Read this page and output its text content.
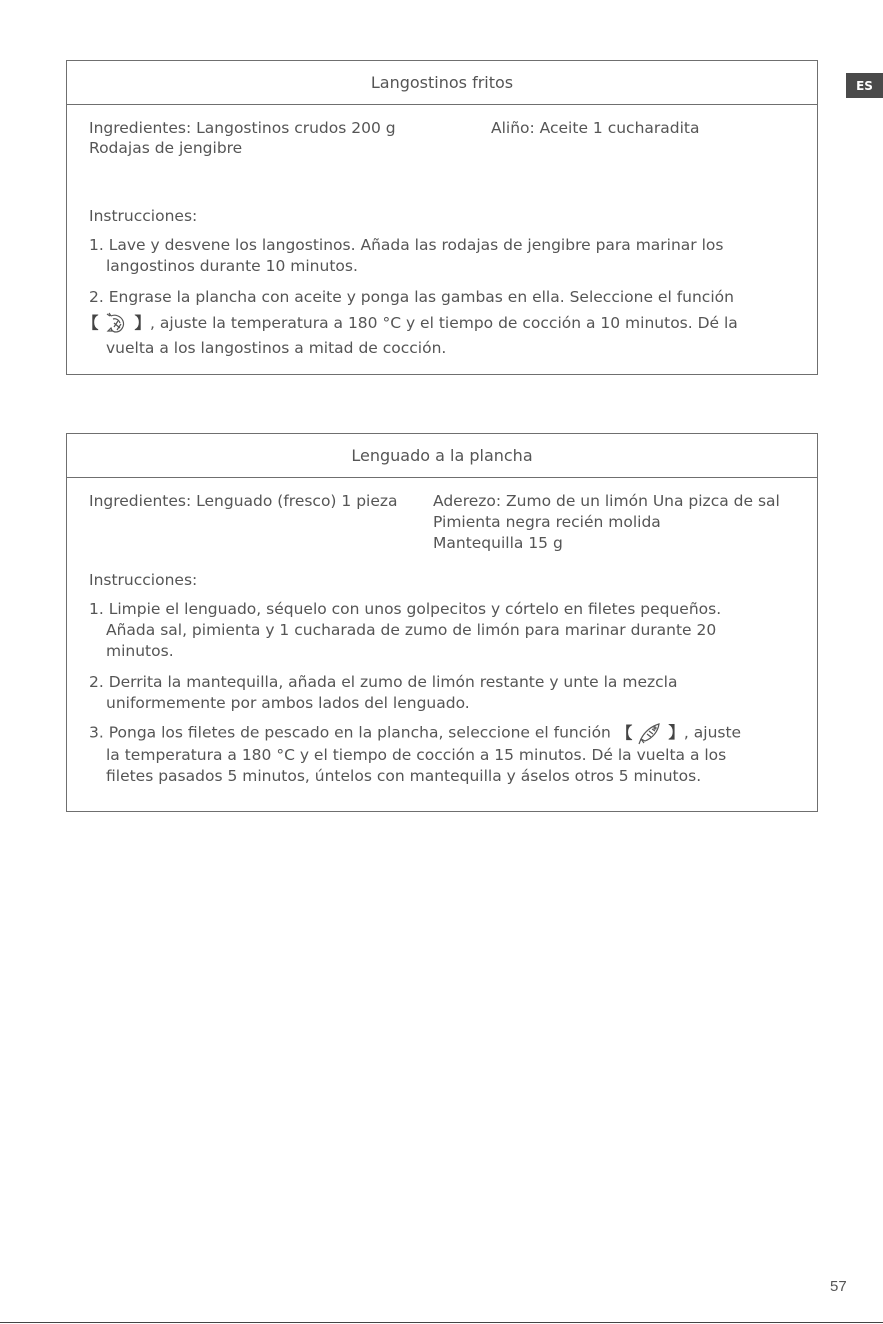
ES
Langostinos fritos
Ingredientes: Langostinos crudos 200 g	Aliño: Aceite 1 cucharadita
Rodajas de jengibre
Instrucciones:
1. Lave y desvene los langostinos. Añada las rodajas de jengibre para marinar los
langostinos durante 10 minutos.
2. Engrase la plancha con aceite y ponga las gambas en ella. Seleccione el función
【 】, ajuste la temperatura a 180 °C y el tiempo de cocción a 10 minutos. Dé la
vuelta a los langostinos a mitad de cocción.
Lenguado a la plancha
Ingredientes: Lenguado (fresco) 1 pieza Aderezo: Zumo de un limón Una pizca de sal
Pimienta negra recién molida
Mantequilla 15 g
Instrucciones:
1. Limpie el lenguado, séquelo con unos golpecitos y córtelo en filetes pequeños.
Añada sal, pimienta y 1 cucharada de zumo de limón para marinar durante 20
minutos.
2. Derrita la mantequilla, añada el zumo de limón restante y unte la mezcla
uniformemente por ambos lados del lenguado.
3. Ponga los filetes de pescado en la plancha, seleccione el función 【 】, ajuste
la temperatura a 180 °C y el tiempo de cocción a 15 minutos. Dé la vuelta a los
filetes pasados 5 minutos, úntelos con mantequilla y áselos otros 5 minutos.
57
